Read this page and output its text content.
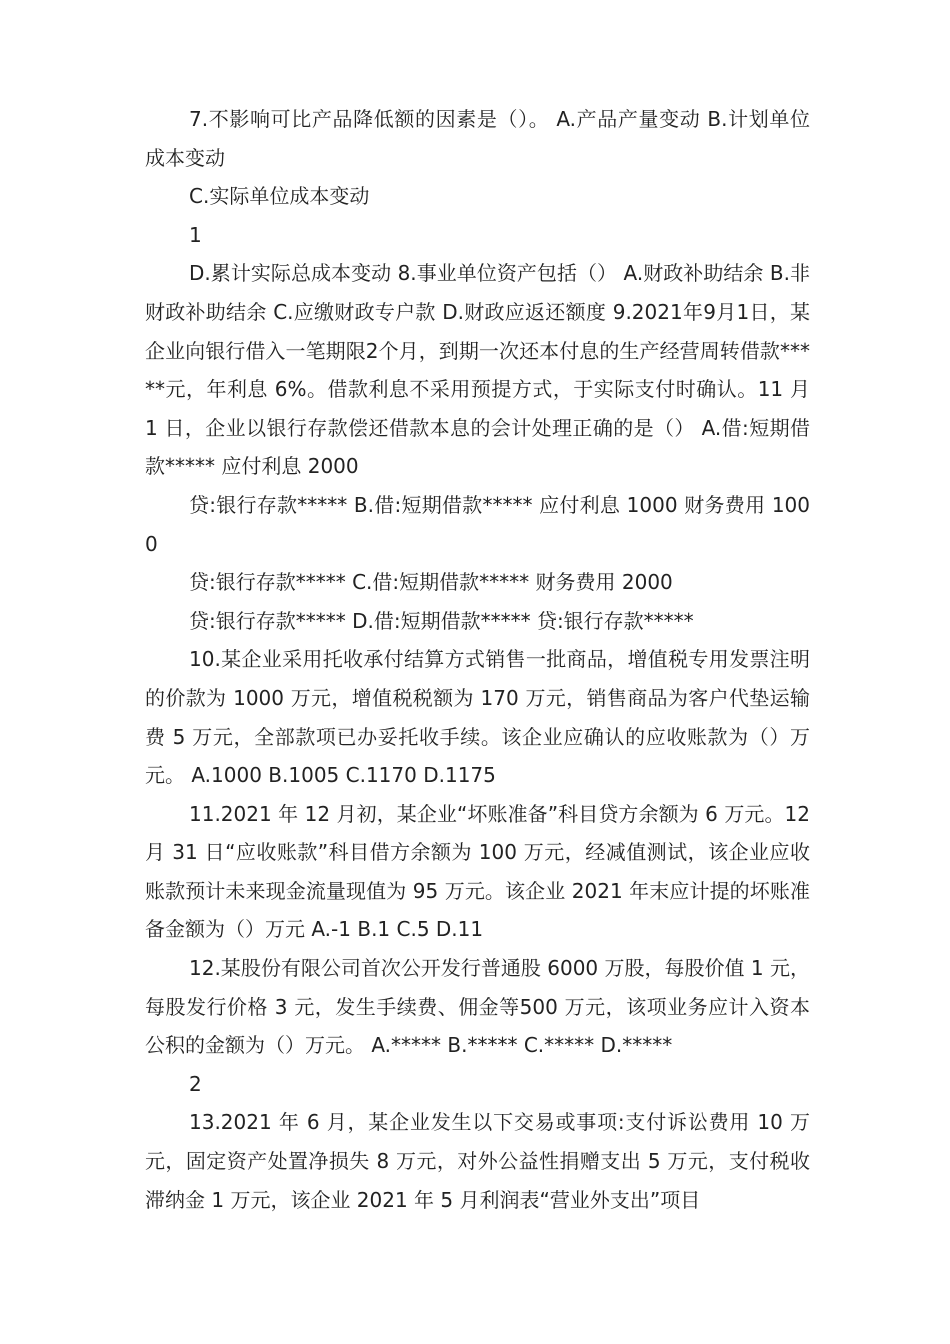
7.不影响可比产品降低额的因素是（）。 A.产品产量变动 B.计划单位成本变动

C.实际单位成本变动

1

D.累计实际总成本变动 8.事业单位资产包括（） A.财政补助结余 B.非财政补助结余 C.应缴财政专户款 D.财政应返还额度 9.2021年9月1日，某企业向银行借入一笔期限2个月，到期一次还本付息的生产经营周转借款*****元，年利息 6%。借款利息不采用预提方式，于实际支付时确认。11 月 1 日，企业以银行存款偿还借款本息的会计处理正确的是（） A.借:短期借款***** 应付利息 2000

贷:银行存款***** B.借:短期借款***** 应付利息 1000 财务费用 1000

贷:银行存款***** C.借:短期借款***** 财务费用 2000

贷:银行存款***** D.借:短期借款***** 贷:银行存款*****

10.某企业采用托收承付结算方式销售一批商品，增值税专用发票注明的价款为 1000 万元，增值税税额为 170 万元，销售商品为客户代垫运输费 5 万元，全部款项已办妥托收手续。该企业应确认的应收账款为（）万元。 A.1000 B.1005 C.1170 D.1175

11.2021 年 12 月初，某企业“坏账准备”科目贷方余额为 6 万元。12 月 31 日“应收账款”科目借方余额为 100 万元，经减值测试，该企业应收账款预计未来现金流量现值为 95 万元。该企业 2021 年末应计提的坏账准备金额为（）万元 A.-1 B.1 C.5 D.11

12.某股份有限公司首次公开发行普通股 6000 万股，每股价值 1 元，每股发行价格 3 元，发生手续费、佣金等500 万元，该项业务应计入资本公积的金额为（）万元。 A.***** B.***** C.***** D.*****

2

13.2021 年 6 月，某企业发生以下交易或事项:支付诉讼费用 10 万元，固定资产处置净损失 8 万元，对外公益性捐赠支出 5 万元，支付税收滞纳金 1 万元，该企业 2021 年 5 月利润表“营业外支出”项目
